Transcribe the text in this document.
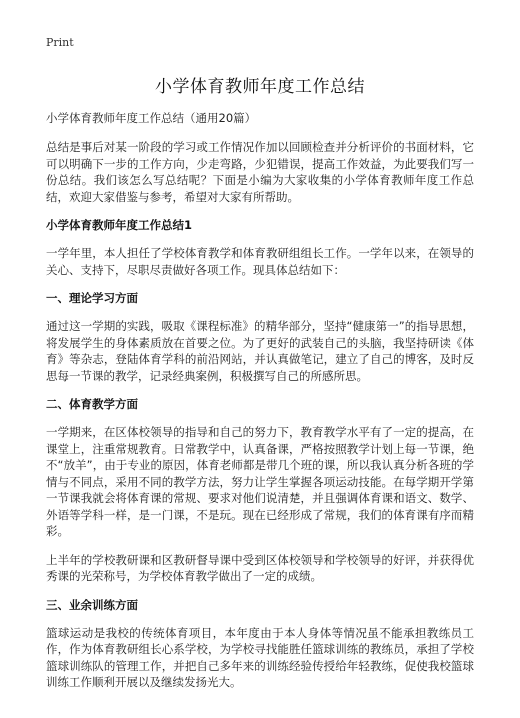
Print
小学体育教师年度工作总结
小学体育教师年度工作总结（通用20篇）

总结是事后对某一阶段的学习或工作情况作加以回顾检查并分析评价的书面材料，它可以明确下一步的工作方向，少走弯路，少犯错误，提高工作效益，为此要我们写一份总结。我们该怎么写总结呢？下面是小编为大家收集的小学体育教师年度工作总结，欢迎大家借鉴与参考，希望对大家有所帮助。

小学体育教师年度工作总结1

一学年里，本人担任了学校体育教学和体育教研组组长工作。一学年以来，在领导的关心、支持下，尽职尽责做好各项工作。现具体总结如下：

一、理论学习方面

通过这一学期的实践，吸取《课程标准》的精华部分，坚持“健康第一”的指导思想，将发展学生的身体素质放在首要之位。为了更好的武装自己的头脑，我坚持研读《体育》等杂志，登陆体育学科的前沿网站，并认真做笔记，建立了自己的博客，及时反思每一节课的教学，记录经典案例，积极撰写自己的所感所思。

二、体育教学方面

一学期来，在区体校领导的指导和自己的努力下，教育教学水平有了一定的提高，在课堂上，注重常规教育。日常教学中，认真备课，严格按照教学计划上每一节课，绝不“放羊”，由于专业的原因，体育老师都是带几个班的课，所以我认真分析各班的学情与不同点，采用不同的教学方法，努力让学生掌握各项运动技能。在每学期开学第一节课我就会将体育课的常规、要求对他们说清楚，并且强调体育课和语文、数学、外语等学科一样，是一门课，不是玩。现在已经形成了常规，我们的体育课有序而精彩。

上半年的学校教研课和区教研督导课中受到区体校领导和学校领导的好评，并获得优秀课的光荣称号，为学校体育教学做出了一定的成绩。

三、业余训练方面

篮球运动是我校的传统体育项目，本年度由于本人身体等情况虽不能承担教练员工作，作为体育教研组长心系学校，为学校寻找能胜任篮球训练的教练员，承担了学校篮球训练队的管理工作，并把自己多年来的训练经验传授给年轻教练，促使我校篮球训练工作顺利开展以及继续发扬光大。
